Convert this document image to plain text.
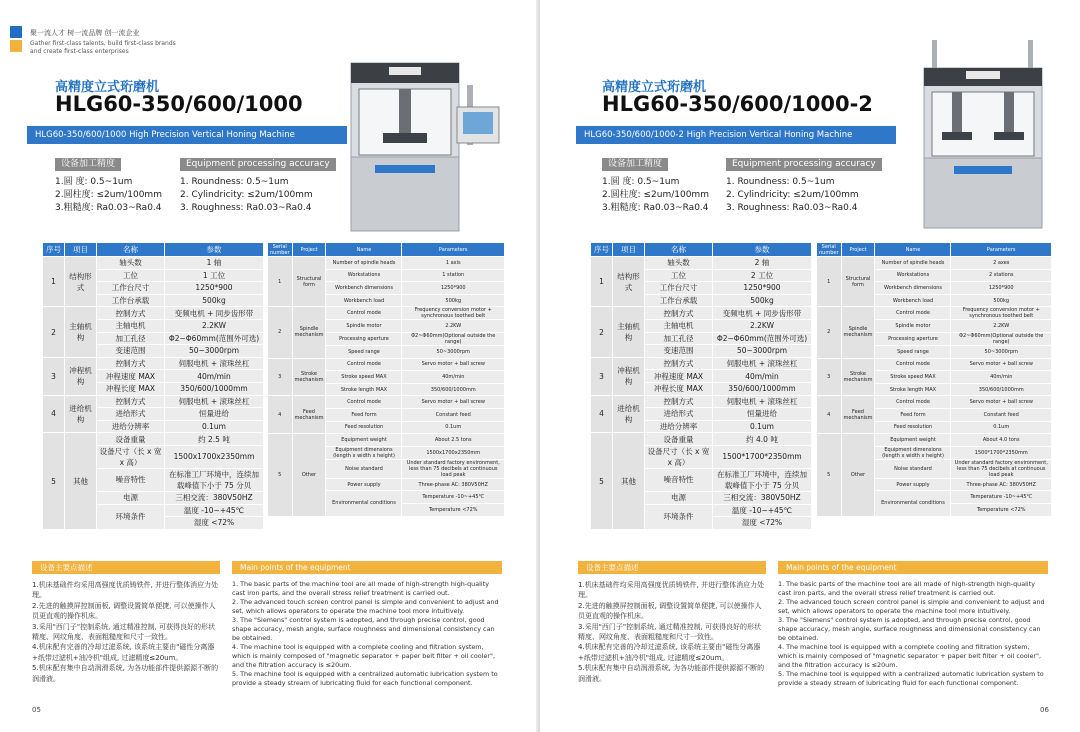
聚一流人才 树一流品牌 创一流企业
Gather first-class talents, build first-class brands
and create first-class enterprises
高精度立式珩磨机
HLG60-350/600/1000
HLG60-350/600/1000 High Precision Vertical Honing Machine
设备加工精度	Equipment processing accuracy
1.圆 度: 0.5~1um
2.圆柱度: ≤2um/100mm
3.粗糙度: Ra0.03~Ra0.4
1. Roundness: 0.5~1um
2. Cylindricity: ≤2um/100mm
3. Roughness: Ra0.03~Ra0.4
序号	项目	名称	参数
1	结构形式	轴头数	1 轴
		工位	1 工位
		工作台尺寸	1250*900
		工作台承载	500kg
2	主轴机构	控制方式	变频电机 + 同步齿形带
		主轴电机	2.2KW
		加工孔径	Φ2~Φ60mm(范围外可选)
		变速范围	50~3000rpm
3	冲程机构	控制方式	伺服电机 + 滚珠丝杠
		冲程速度 MAX	40m/min
		冲程长度 MAX	350/600/1000mm
4	进给机构	控制方式	伺服电机 + 滚珠丝杠
		进给形式	恒量进给
		进给分辨率	0.1um
5	其他	设备重量	约 2.5 吨
		设备尺寸（长 x 宽 x 高）	1500x1700x2350mm
		噪音特性	在标准工厂环境中，连续加载峰值下小于 75 分贝
		电源	三相交流：380V50HZ
		环境条件	温度 -10~+45℃
			湿度 <72%
Serial number	Project	Name	Parameters
1	Structural form	Number of spindle heads	1 axis
		Workstations	1 station
		Workbench dimensions	1250*900
		Workbench load	500kg
2	Spindle mechanism	Control mode	Frequency conversion motor + synchronous toothed belt
		Spindle motor	2.2KW
		Processing aperture	Φ2~Φ60mm(Optional outside the range)
		Speed range	50~3000rpm
3	Stroke mechanism	Control mode	Servo motor + ball screw
		Stroke speed MAX	40m/min
		Stroke length MAX	350/600/1000mm
4	Feed mechanism	Control mode	Servo motor + ball screw
		Feed form	Constant feed
		Feed resolution	0.1um
5	Other	Equipment weight	About 2.5 tons
		Equipment dimensions (length x width x height)	1500x1700x2350mm
		Noise standard	Under standard factory environment, less than 75 decibels at continuous load peak
		Power supply	Three-phase AC: 380V50HZ
		Environmental conditions	Temperature -10~+45℃
			Temperature <72%
设备主要点描述	Main points of the equipment

1.机床基础件均采用高强度优质铸铁件, 并进行整体消应力处理。

2.先进的触摸屏控制面板, 调整设置简单便捷, 可以使操作人员更直观的操作机床。

3.采用"西门子"控制系统, 通过精准控制, 可获得良好的形状精度、网纹角度、表面粗糙度和尺寸一致性。

4.机床配有完善的冷却过滤系统, 该系统主要由"磁性分离器+纸带过滤机+油冷机"组成, 过滤精度≤20um。

5.机床配有集中自动润滑系统, 为各功能部件提供源源不断的润滑液。

1. The basic parts of the machine tool are all made of high-strength high-quality cast iron parts, and the overall stress relief treatment is carried out.

2. The advanced touch screen control panel is simple and convenient to adjust and set, which allows operators to operate the machine tool more intuitively.

3. The "Siemens" control system is adopted, and through precise control, good shape accuracy, mesh angle, surface roughness and dimensional consistency can be obtained.

4. The machine tool is equipped with a complete cooling and filtration system, which is mainly composed of "magnetic separator + paper belt filter + oil cooler", and the filtration accuracy is ≤20um.

5. The machine tool is equipped with a centralized automatic lubrication system to provide a steady stream of lubricating fluid for each functional component.

05
高精度立式珩磨机
HLG60-350/600/1000-2
HLG60-350/600/1000-2 High Precision Vertical Honing Machine
设备加工精度	Equipment processing accuracy
1.圆 度: 0.5~1um
2.圆柱度: ≤2um/100mm
3.粗糙度: Ra0.03~Ra0.4
1. Roundness: 0.5~1um
2. Cylindricity: ≤2um/100mm
3. Roughness: Ra0.03~Ra0.4
序号	项目	名称	参数
1	结构形式	轴头数	2 轴
		工位	2 工位
		工作台尺寸	1250*900
		工作台承载	500kg
2	主轴机构	控制方式	变频电机 + 同步齿形带
		主轴电机	2.2KW
		加工孔径	Φ2~Φ60mm(范围外可选)
		变速范围	50~3000rpm
3	冲程机构	控制方式	伺服电机 + 滚珠丝杠
		冲程速度 MAX	40m/min
		冲程长度 MAX	350/600/1000mm
4	进给机构	控制方式	伺服电机 + 滚珠丝杠
		进给形式	恒量进给
		进给分辨率	0.1um
5	其他	设备重量	约 4.0 吨
		设备尺寸（长 x 宽 x 高）	1500*1700*2350mm
		噪音特性	在标准工厂环境中，连续加载峰值下小于 75 分贝
		电源	三相交流：380V50HZ
		环境条件	温度 -10~+45℃
			湿度 <72%
Serial number	Project	Name	Parameters
1	Structural form	Number of spindle heads	2 axes
		Workstations	2 stations
		Workbench dimensions	1250*900
		Workbench load	500kg
2	Spindle mechanism	Control mode	Frequency conversion motor + synchronous toothed belt
		Spindle motor	2.2KW
		Processing aperture	Φ2~Φ60mm(Optional outside the range)
		Speed range	50~3000rpm
3	Stroke mechanism	Control mode	Servo motor + ball screw
		Stroke speed MAX	40m/min
		Stroke length MAX	350/600/1000mm
4	Feed mechanism	Control mode	Servo motor + ball screw
		Feed form	Constant feed
		Feed resolution	0.1um
5	Other	Equipment weight	About 4.0 tons
		Equipment dimensions (length x width x height)	1500*1700*2350mm
		Noise standard	Under standard factory environment, less than 75 decibels at continuous load peak
		Power supply	Three-phase AC: 380V50HZ
		Environmental conditions	Temperature -10~+45℃
			Temperature <72%
设备主要点描述	Main points of the equipment

1.机床基础件均采用高强度优质铸铁件, 并进行整体消应力处理。

2.先进的触摸屏控制面板, 调整设置简单便捷, 可以使操作人员更直观的操作机床。

3.采用"西门子"控制系统, 通过精准控制, 可获得良好的形状精度、网纹角度、表面粗糙度和尺寸一致性。

4.机床配有完善的冷却过滤系统, 该系统主要由"磁性分离器+纸带过滤机+油冷机"组成, 过滤精度≤20um。

5.机床配有集中自动润滑系统, 为各功能部件提供源源不断的润滑液。

1. The basic parts of the machine tool are all made of high-strength high-quality cast iron parts, and the overall stress relief treatment is carried out.

2. The advanced touch screen control panel is simple and convenient to adjust and set, which allows operators to operate the machine tool more intuitively.

3. The "Siemens" control system is adopted, and through precise control, good shape accuracy, mesh angle, surface roughness and dimensional consistency can be obtained.

4. The machine tool is equipped with a complete cooling and filtration system, which is mainly composed of "magnetic separator + paper belt filter + oil cooler", and the filtration accuracy is ≤20um.

5. The machine tool is equipped with a centralized automatic lubrication system to provide a steady stream of lubricating fluid for each functional component.

06
